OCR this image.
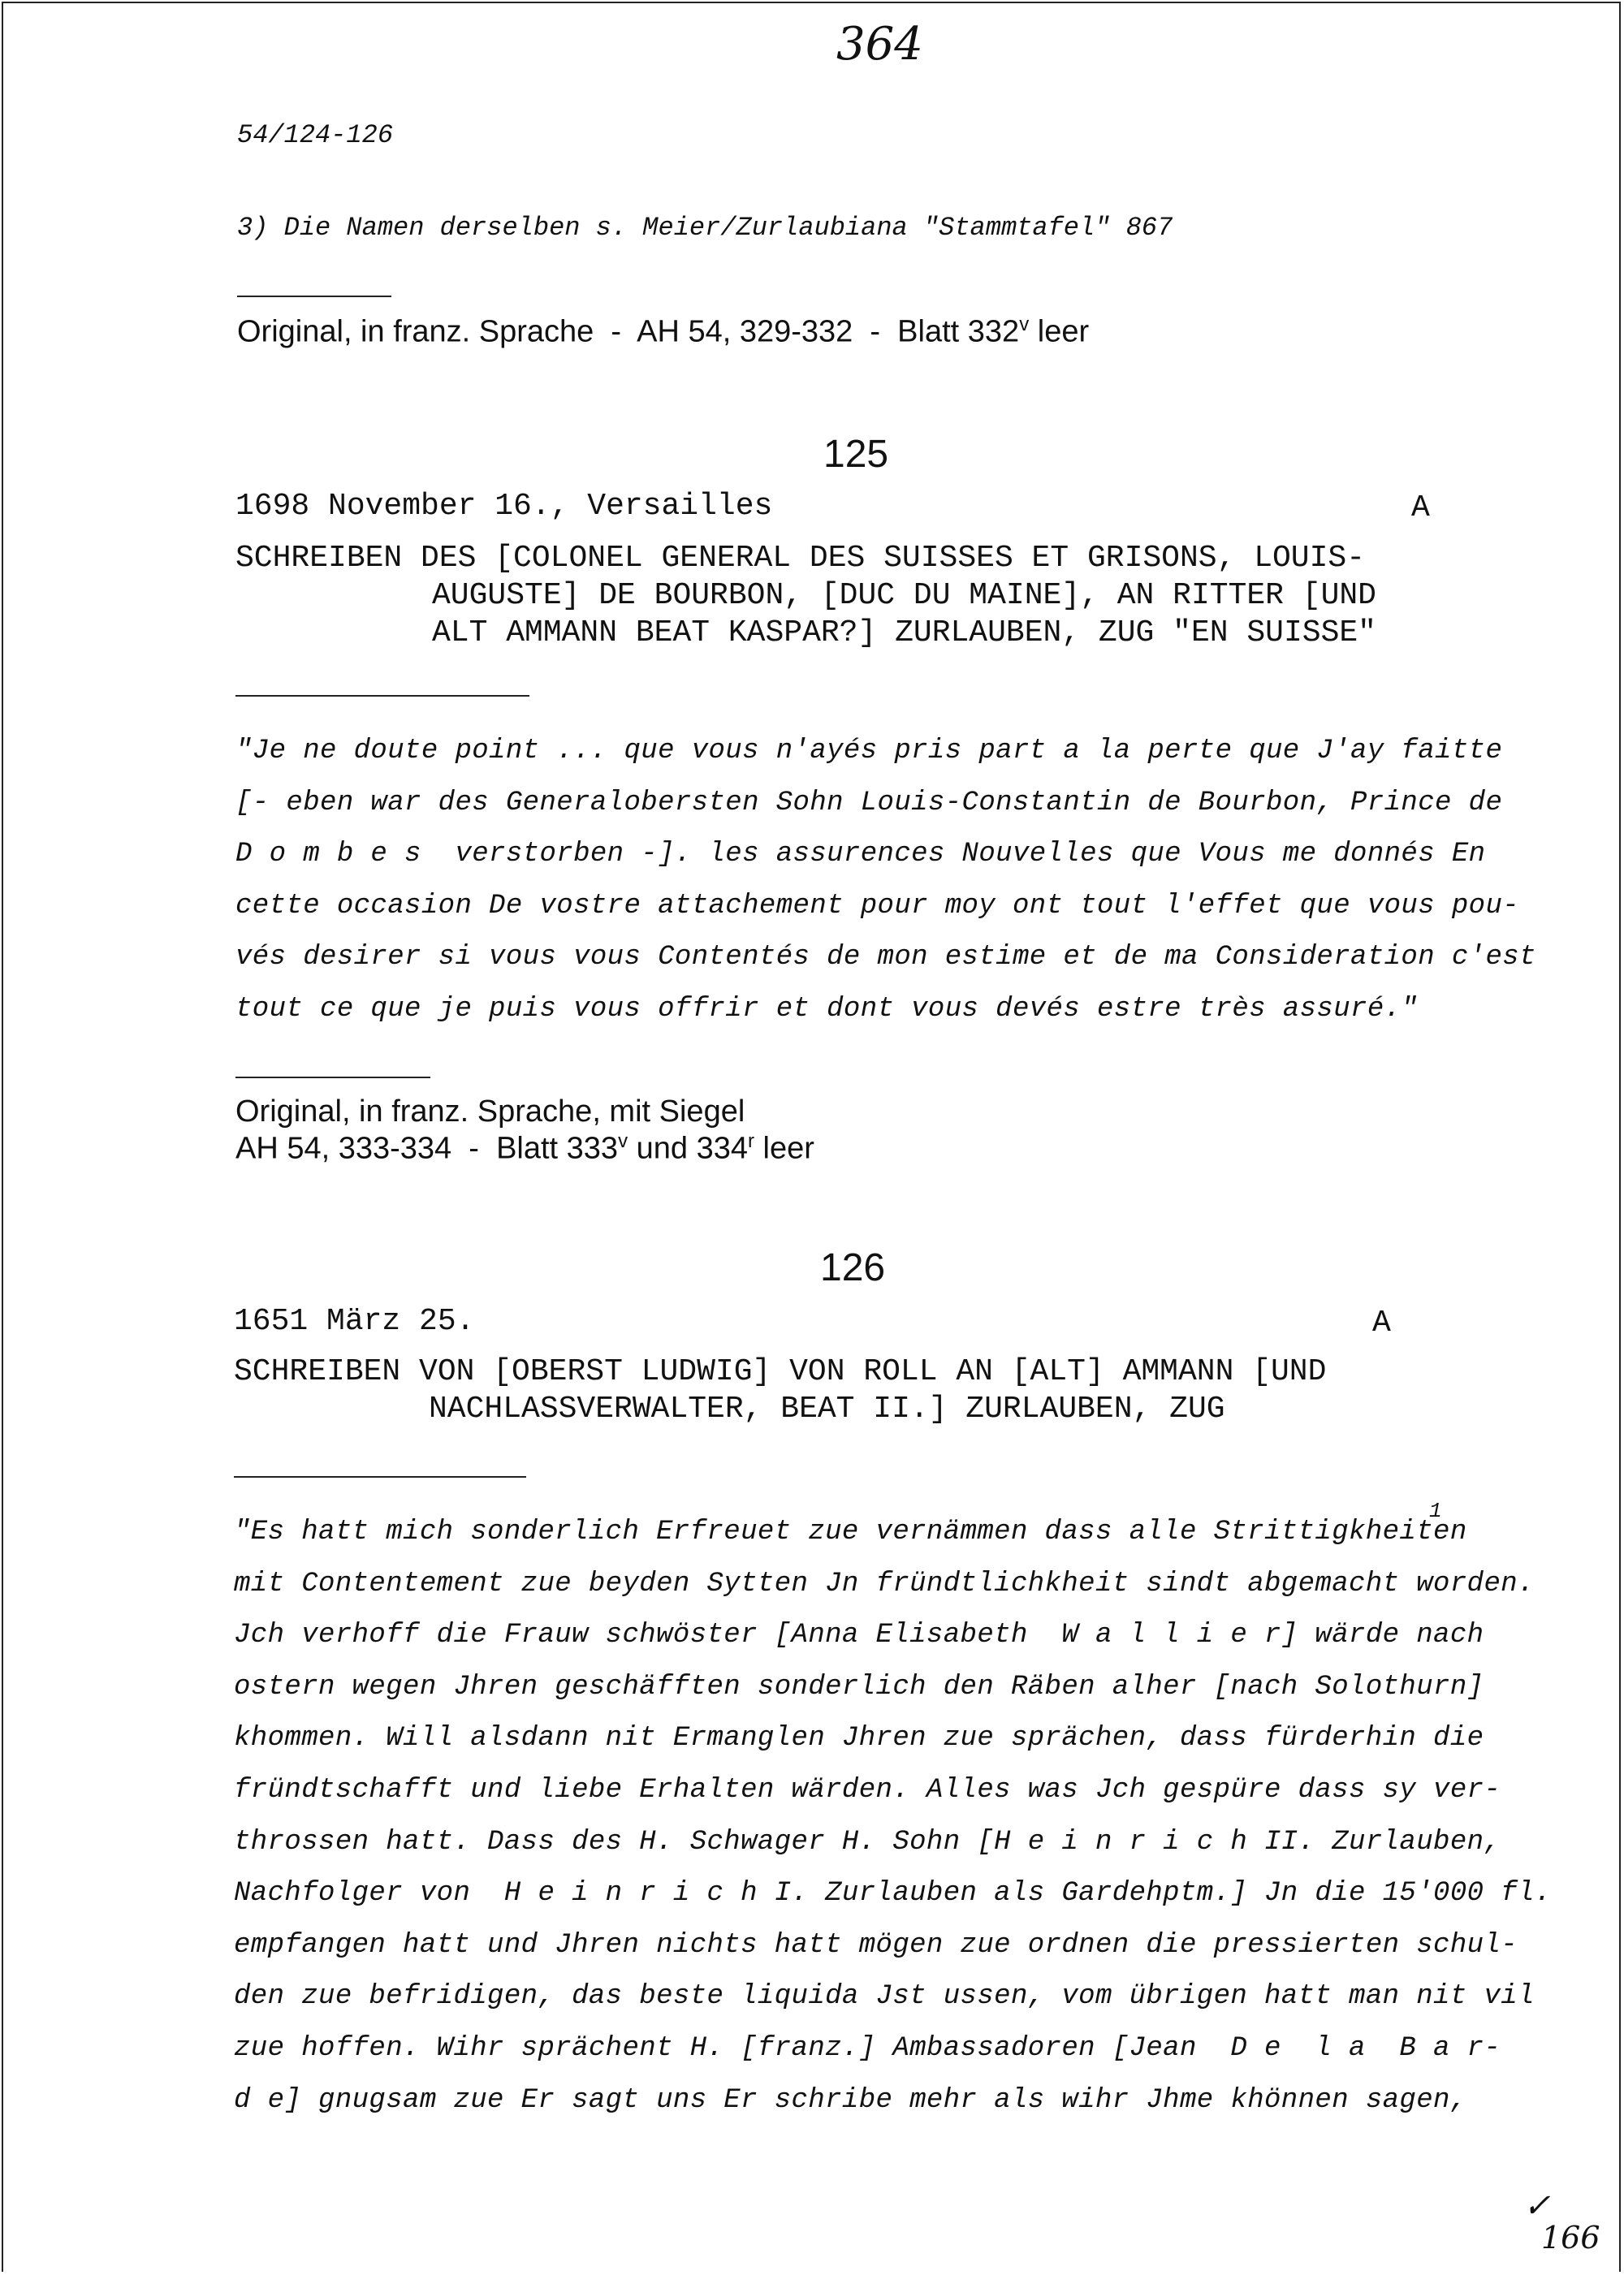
364
54/124-126
3) Die Namen derselben s. Meier/Zurlaubiana "Stammtafel" 867
Original, in franz. Sprache  -  AH 54, 329-332  -  Blatt 332$^v$ leer
125
1698 November 16., Versailles	A
SCHREIBEN DES [COLONEL GENERAL DES SUISSES ET GRISONS, LOUIS-
AUGUSTE] DE BOURBON, [DUC DU MAINE], AN RITTER [UND
ALT AMMANN BEAT KASPAR?] ZURLAUBEN, ZUG "EN SUISSE"
"Je ne doute point ... que vous n'ayés pris part a la perte que J'ay faitte
[- eben war des Generalobersten Sohn Louis-Constantin de Bourbon, Prince de
D o m b e s  verstorben -]. les assurences Nouvelles que Vous me donnés En
cette occasion De vostre attachement pour moy ont tout l'effet que vous pou-
vés desirer si vous vous Contentés de mon estime et de ma Consideration c'est
tout ce que je puis vous offrir et dont vous devés estre très assuré."
Original, in franz. Sprache, mit Siegel
AH 54, 333-334  -  Blatt 333$^v$ und 334$^r$ leer
126
1651 März 25.	A
SCHREIBEN VON [OBERST LUDWIG] VON ROLL AN [ALT] AMMANN [UND
NACHLASSVERWALTER, BEAT II.] ZURLAUBEN, ZUG
1
"Es hatt mich sonderlich Erfreuet zue vernämmen dass alle Strittigkheiten
mit Contentement zue beyden Sytten Jn fründtlichkheit sindt abgemacht worden.
Jch verhoff die Frauw schwöster [Anna Elisabeth  W a l l i e r] wärde nach
ostern wegen Jhren geschäfften sonderlich den Räben alher [nach Solothurn]
khommen. Will alsdann nit Ermanglen Jhren zue sprächen, dass fürderhin die
fründtschafft und liebe Erhalten wärden. Alles was Jch gespüre dass sy ver-
throssen hatt. Dass des H. Schwager H. Sohn [H e i n r i c h II. Zurlauben,
Nachfolger von  H e i n r i c h I. Zurlauben als Gardehptm.] Jn die 15'000 fl.
empfangen hatt und Jhren nichts hatt mögen zue ordnen die pressierten schul-
den zue befridigen, das beste liquida Jst ussen, vom übrigen hatt man nit vil
zue hoffen. Wihr sprächent H. [franz.] Ambassadoren [Jean  D e  l a  B a r-
d e] gnugsam zue Er sagt uns Er schribe mehr als wihr Jhme khönnen sagen,
✓
166
